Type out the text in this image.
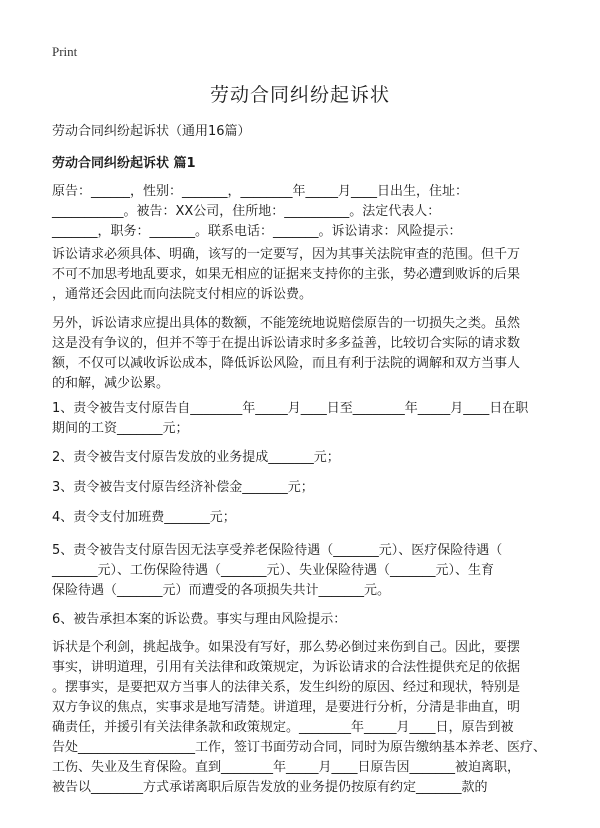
Print
劳动合同纠纷起诉状
劳动合同纠纷起诉状（通用16篇）
劳动合同纠纷起诉状 篇1
原告：______，性别：_______，________年_____月____日出生，住址：
___________。被告：XX公司，住所地：__________。法定代表人：
_______，职务：_______。联系电话：_______。诉讼请求：风险提示：
诉讼请求必须具体、明确，该写的一定要写，因为其事关法院审查的范围。但千万
不可不加思考地乱要求，如果无相应的证据来支持你的主张，势必遭到败诉的后果
，通常还会因此而向法院支付相应的诉讼费。
另外，诉讼请求应提出具体的数额，不能笼统地说赔偿原告的一切损失之类。虽然
这是没有争议的，但并不等于在提出诉讼请求时多多益善，比较切合实际的请求数
额，不仅可以减收诉讼成本，降低诉讼风险，而且有利于法院的调解和双方当事人
的和解，减少讼累。
1、责令被告支付原告自________年_____月____日至________年_____月____日在职
期间的工资_______元；
2、责令被告支付原告发放的业务提成_______元；
3、责令被告支付原告经济补偿金_______元；
4、责令支付加班费_______元；
5、责令被告支付原告因无法享受养老保险待遇（_______元）、医疗保险待遇（
_______元）、工伤保险待遇（_______元）、失业保险待遇（_______元）、生育
保险待遇（_______元）而遭受的各项损失共计_______元。
6、被告承担本案的诉讼费。事实与理由风险提示：
诉状是个利剑，挑起战争。如果没有写好，那么势必倒过来伤到自己。因此，要摆
事实，讲明道理，引用有关法律和政策规定，为诉讼请求的合法性提供充足的依据
。摆事实，是要把双方当事人的法律关系，发生纠纷的原因、经过和现状，特别是
双方争议的焦点，实事求是地写清楚。讲道理，是要进行分析，分清是非曲直，明
确责任，并援引有关法律条款和政策规定。________年_____月____日，原告到被
告处__________________工作，签订书面劳动合同，同时为原告缴纳基本养老、医疗、
工伤、失业及生育保险。直到________年_____月____日原告因_______被迫离职，
被告以________方式承诺离职后原告发放的业务提仍按原有约定_______款的
